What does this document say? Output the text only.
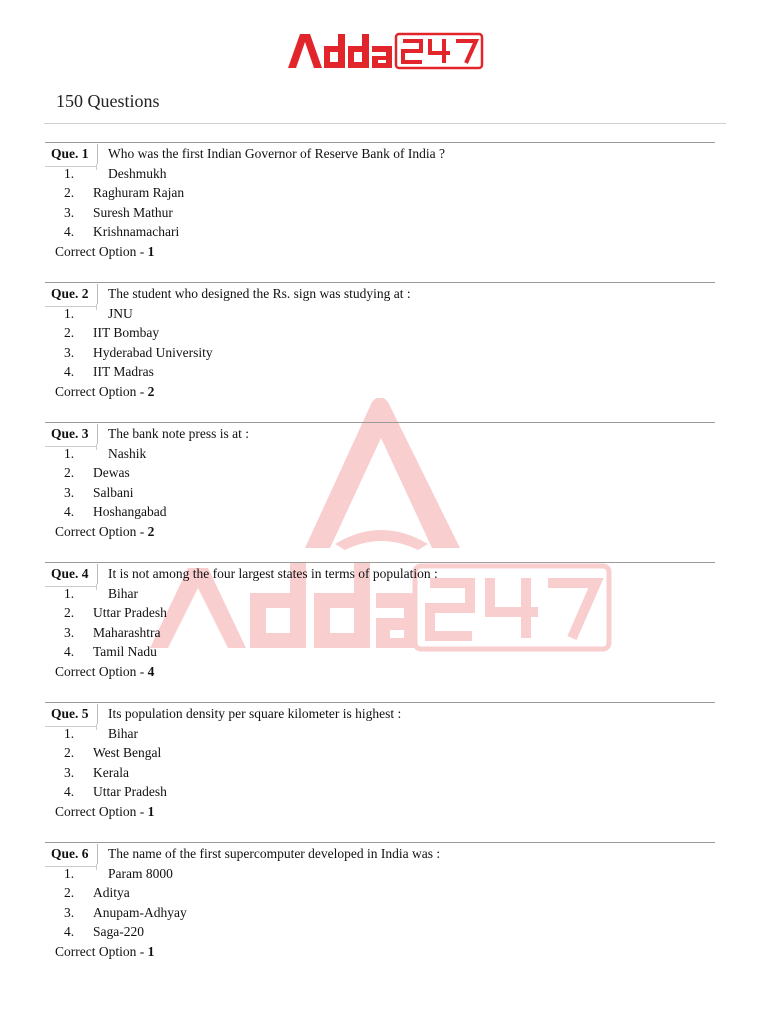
150 Questions
Que. 1 Who was the first Indian Governor of Reserve Bank of India ?
1.	Deshmukh
2. Raghuram Rajan
3. Suresh Mathur
4. Krishnamachari
Correct Option - 1
Que. 2 The student who designed the Rs. sign was studying at :
1.	JNU
2. IIT Bombay
3. Hyderabad University
4. IIT Madras
Correct Option - 2
Que. 3 The bank note press is at :
1.	Nashik
2. Dewas
3. Salbani
4. Hoshangabad
Correct Option - 2
Que. 4 It is not among the four largest states in terms of population :
1.	Bihar
2. Uttar Pradesh
3. Maharashtra
4. Tamil Nadu
Correct Option - 4
Que. 5 Its population density per square kilometer is highest :
1.	Bihar
2. West Bengal
3. Kerala
4. Uttar Pradesh
Correct Option - 1
Que. 6 The name of the first supercomputer developed in India was :
1.	Param 8000
2. Aditya
3. Anupam-Adhyay
4. Saga-220
Correct Option - 1
